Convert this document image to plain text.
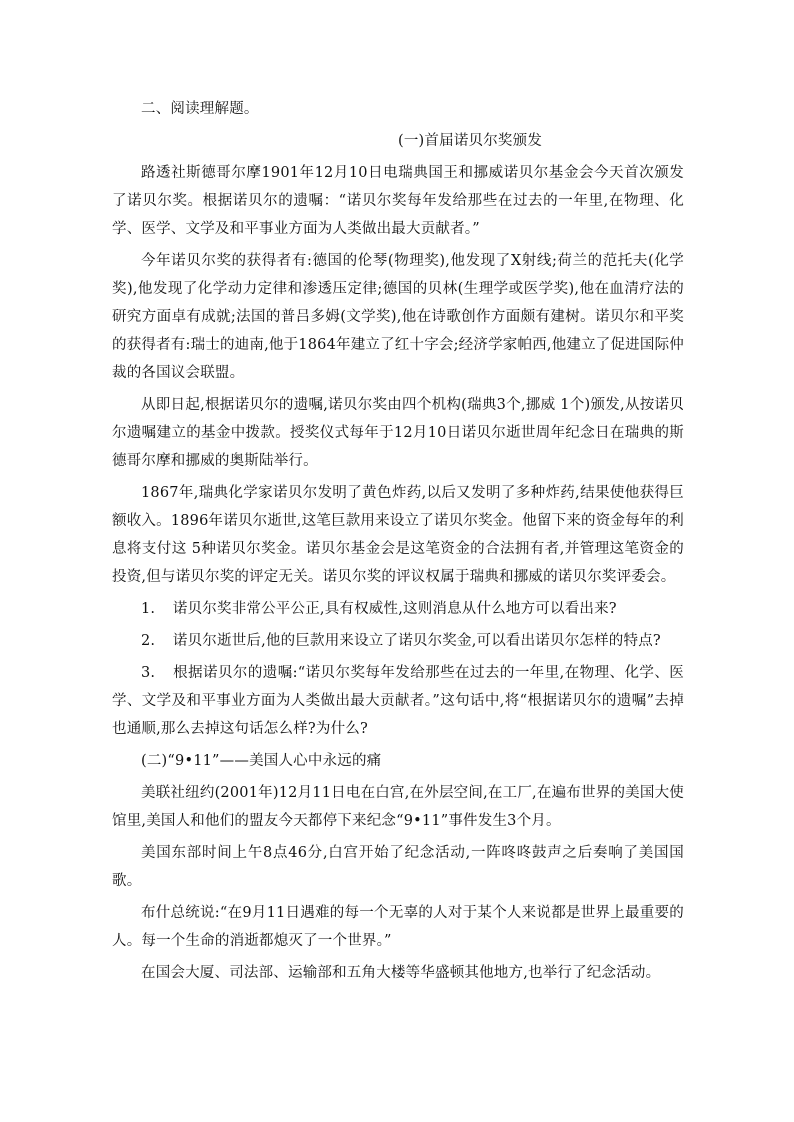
二、阅读理解题。

(一)首届诺贝尔奖颁发

路透社斯德哥尔摩1901年12月10日电瑞典国王和挪威诺贝尔基金会今天首次颁发了诺贝尔奖。根据诺贝尔的遗嘱：“诺贝尔奖每年发给那些在过去的一年里,在物理、化学、医学、文学及和平事业方面为人类做出最大贡献者。”

今年诺贝尔奖的获得者有:德国的伦琴(物理奖),他发现了X射线;荷兰的范托夫(化学奖),他发现了化学动力定律和渗透压定律;德国的贝林(生理学或医学奖),他在血清疗法的研究方面卓有成就;法国的普吕多姆(文学奖),他在诗歌创作方面颇有建树。诺贝尔和平奖的获得者有:瑞士的迪南,他于1864年建立了红十字会;经济学家帕西,他建立了促进国际仲裁的各国议会联盟。

从即日起,根据诺贝尔的遗嘱,诺贝尔奖由四个机构(瑞典3个,挪威 1个)颁发,从按诺贝尔遗嘱建立的基金中拨款。授奖仪式每年于12月10日诺贝尔逝世周年纪念日在瑞典的斯德哥尔摩和挪威的奥斯陆举行。

1867年,瑞典化学家诺贝尔发明了黄色炸药,以后又发明了多种炸药,结果使他获得巨额收入。1896年诺贝尔逝世,这笔巨款用来设立了诺贝尔奖金。他留下来的资金每年的利息将支付这 5种诺贝尔奖金。诺贝尔基金会是这笔资金的合法拥有者,并管理这笔资金的投资,但与诺贝尔奖的评定无关。诺贝尔奖的评议权属于瑞典和挪威的诺贝尔奖评委会。

1. 诺贝尔奖非常公平公正,具有权威性,这则消息从什么地方可以看出来?

2. 诺贝尔逝世后,他的巨款用来设立了诺贝尔奖金,可以看出诺贝尔怎样的特点?

3. 根据诺贝尔的遗嘱:“诺贝尔奖每年发给那些在过去的一年里,在物理、化学、医学、文学及和平事业方面为人类做出最大贡献者。”这句话中,将“根据诺贝尔的遗嘱”去掉也通顺,那么去掉这句话怎么样?为什么?

(二)“9•11”——美国人心中永远的痛

美联社纽约(2001年)12月11日电在白宫,在外层空间,在工厂,在遍布世界的美国大使馆里,美国人和他们的盟友今天都停下来纪念“9•11”事件发生3个月。

美国东部时间上午8点46分,白宫开始了纪念活动,一阵咚咚鼓声之后奏响了美国国歌。

布什总统说:“在9月11日遇难的每一个无辜的人对于某个人来说都是世界上最重要的人。每一个生命的消逝都熄灭了一个世界。”

在国会大厦、司法部、运输部和五角大楼等华盛顿其他地方,也举行了纪念活动。
